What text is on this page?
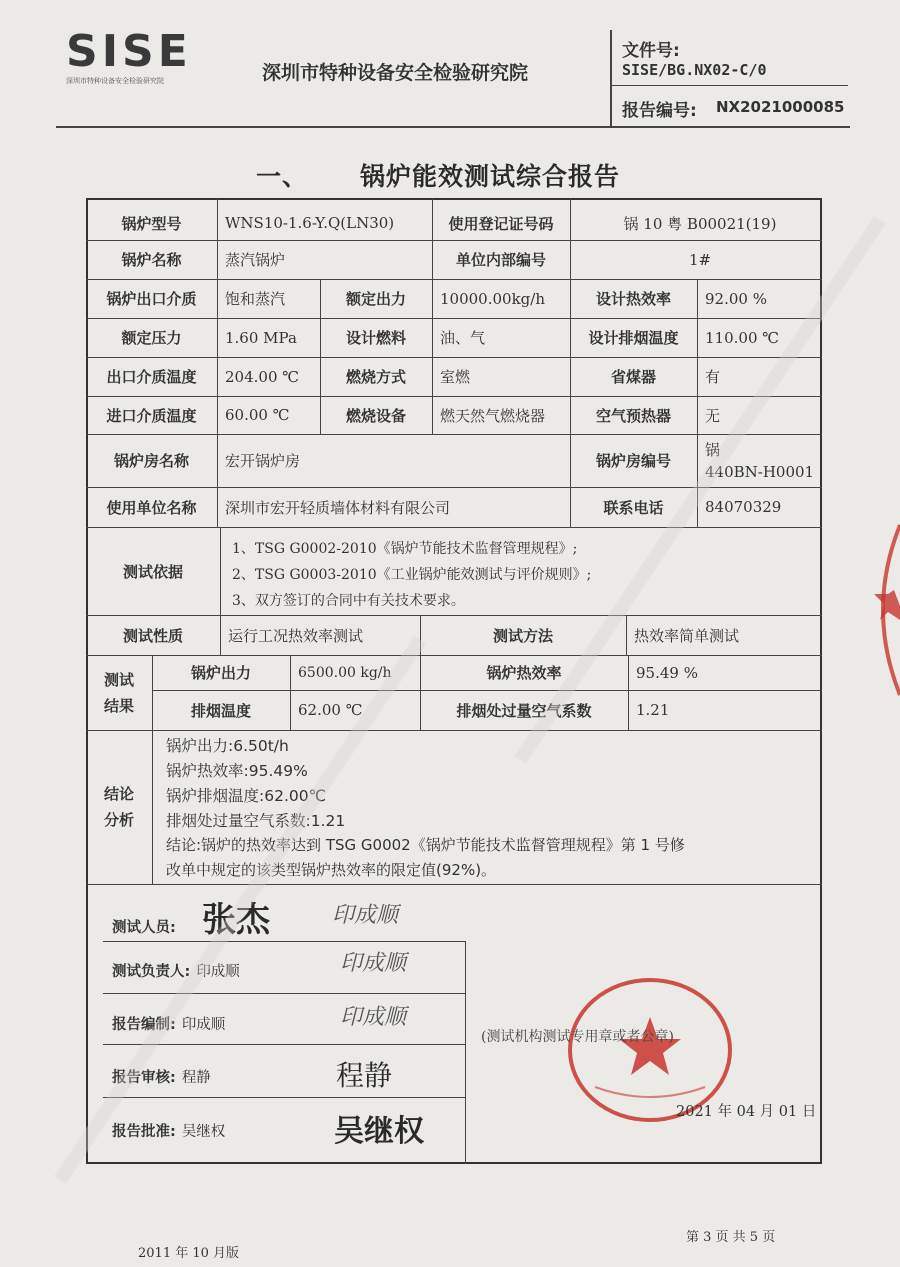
SISE
深圳市特种设备安全检验研究院	深圳市特种设备安全检验研究院
文件号:
SISE/BG.NX02-C/0
报告编号: NX2021000085
一、 锅炉能效测试综合报告
锅炉型号	WNS10-1.6-Y.Q(LN30)	使用登记证号码	锅 10 粤 B00021(19)
锅炉名称	蒸汽锅炉	单位内部编号	1#
锅炉出口介质	饱和蒸汽	额定出力	10000.00kg/h	设计热效率	92.00 %
额定压力	1.60 MPa	设计燃料	油、气	设计排烟温度	110.00 ℃
出口介质温度	204.00 ℃	燃烧方式	室燃	省煤器	有
进口介质温度	60.00 ℃	燃烧设备	燃天然气燃烧器	空气预热器	无
锅炉房名称	宏开锅炉房	锅炉房编号
锅
440BN-H0001
使用单位名称	深圳市宏开轻质墙体材料有限公司	联系电话	84070329
测试依据
1、TSG G0002-2010《锅炉节能技术监督管理规程》;
2、TSG G0003-2010《工业锅炉能效测试与评价规则》;
3、双方签订的合同中有关技术要求。
测试性质	运行工况热效率测试	测试方法	热效率简单测试
测试
结果
锅炉出力	6500.00 kg/h	锅炉热效率	95.49 %
排烟温度	62.00 ℃	排烟处过量空气系数	1.21
结论
分析
锅炉出力:6.50t/h
锅炉热效率:95.49%
锅炉排烟温度:62.00℃
排烟处过量空气系数:1.21
结论:锅炉的热效率达到 TSG G0002《锅炉节能技术监督管理规程》第 1 号修
改单中规定的该类型锅炉热效率的限定值(92%)。
测试人员: 张杰	印成顺
测试负责人: 印成顺	印成顺
报告编制: 印成顺	印成顺
报告审核: 程静	程静
报告批准: 吴继权	吴继权
(测试机构测试专用章或者公章)
2021 年 04 月 01 日
第 3 页 共 5 页
2011 年 10 月版
